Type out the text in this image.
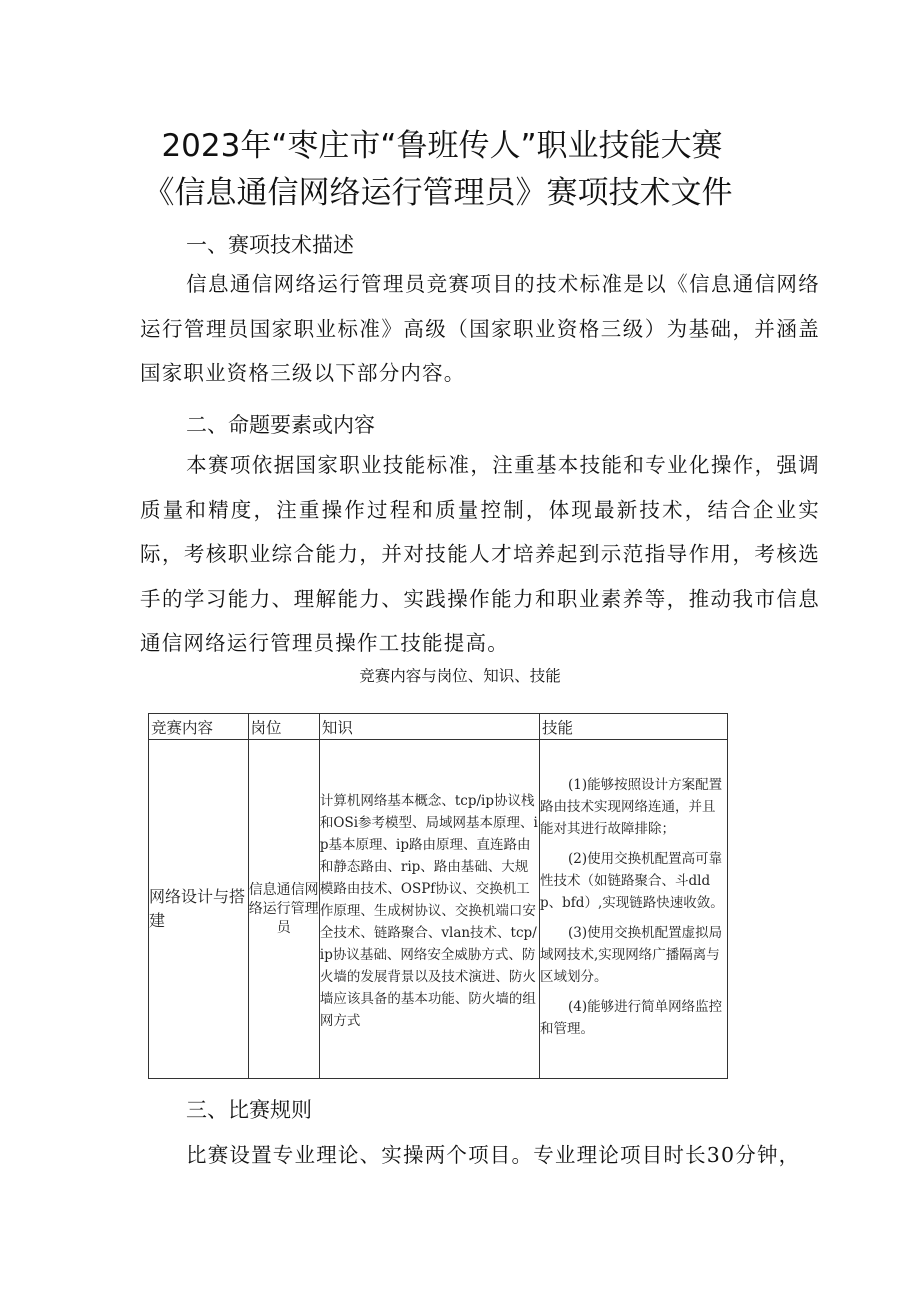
2023年“枣庄市“鲁班传人”职业技能大赛
《信息通信网络运行管理员》赛项技术文件
一、赛项技术描述
信息通信网络运行管理员竞赛项目的技术标准是以《信息通信网络运行管理员国家职业标准》高级（国家职业资格三级）为基础，并涵盖国家职业资格三级以下部分内容。
二、命题要素或内容
本赛项依据国家职业技能标准，注重基本技能和专业化操作，强调质量和精度，注重操作过程和质量控制，体现最新技术，结合企业实际，考核职业综合能力，并对技能人才培养起到示范指导作用，考核选手的学习能力、理解能力、实践操作能力和职业素养等，推动我市信息通信网络运行管理员操作工技能提高。
竞赛内容与岗位、知识、技能
竞赛内容	岗位	知识	技能
网络设计与搭建	信息通信网络运行管理员	计算机网络基本概念、tcp/ip协议栈和OSi参考模型、局域网基本原理、ip基本原理、ip路由原理、直连路由和静态路由、rip、路由基础、大规模路由技术、OSPf协议、交换机工作原理、生成树协议、交换机端口安全技术、链路聚合、vlan技术、tcp/ip协议基础、网络安全威胁方式、防火墙的发展背景以及技术演进、防火墙应该具备的基本功能、防火墙的组网方式	(1)能够按照设计方案配置路由技术实现网络连通，并且能对其进行故障排除；
(2)使用交换机配置高可靠性技术（如链路聚合、斗dldp、bfd）,实现链路快速收敛。
(3)使用交换机配置虚拟局域网技术,实现网络广播隔离与区域划分。
(4)能够进行简单网络监控和管理。
三、比赛规则
比赛设置专业理论、实操两个项目。专业理论项目时长30分钟，
